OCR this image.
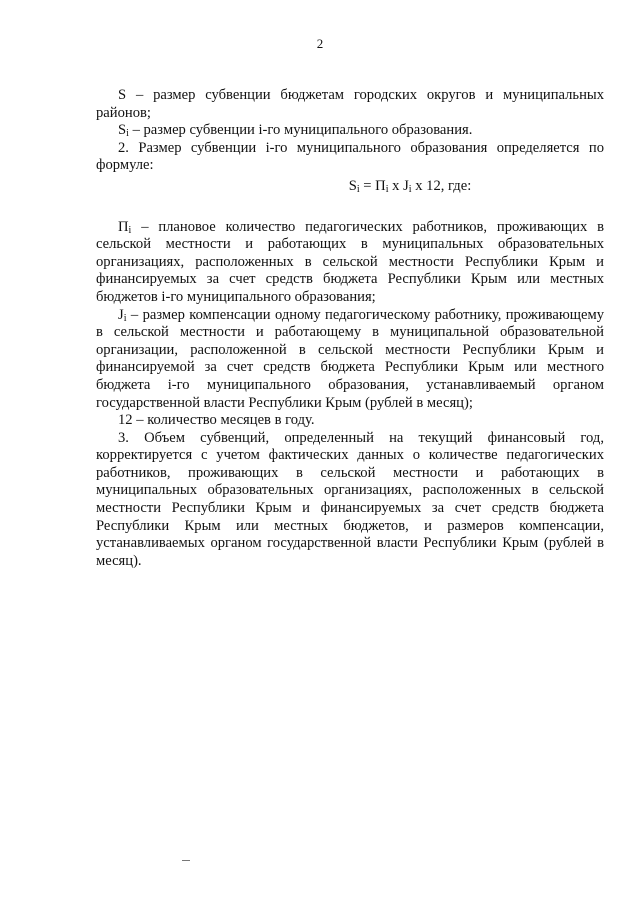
2

S – размер субвенции бюджетам городских округов и муниципальных районов;

$S_i$ – размер субвенции i-го муниципального образования.

2. Размер субвенции i-го муниципального образования определяется по формуле:

$S_i = П_i$ x $J_i$ x 12, где:

$П_i$ – плановое количество педагогических работников, проживающих в сельской местности и работающих в муниципальных образовательных организациях, расположенных в сельской местности Республики Крым и финансируемых за счет средств бюджета Республики Крым или местных бюджетов i-го муниципального образования;

$J_i$ – размер компенсации одному педагогическому работнику, проживающему в сельской местности и работающему в муниципальной образовательной организации, расположенной в сельской местности Республики Крым и финансируемой за счет средств бюджета Республики Крым или местного бюджета i-го муниципального образования, устанавливаемый органом государственной власти Республики Крым (рублей в месяц);

12 – количество месяцев в году.

3. Объем субвенций, определенный на текущий финансовый год, корректируется с учетом фактических данных о количестве педагогических работников, проживающих в сельской местности и работающих в муниципальных образовательных организациях, расположенных в сельской местности Республики Крым и финансируемых за счет средств бюджета Республики Крым или местных бюджетов, и размеров компенсации, устанавливаемых органом государственной власти Республики Крым (рублей в месяц).
